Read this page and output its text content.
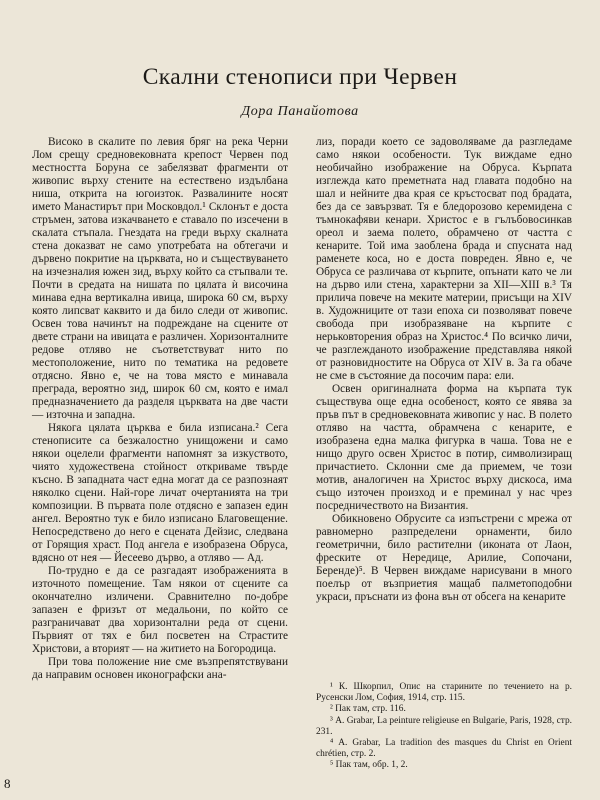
Скални стенописи при Червен
Дора Панайотова

Високо в скалите по левия бряг на река Черни Лом срещу средновековната крепост Червен под местността Боруна се забелязват фрагменти от живопис върху стените на естествено издълбана ниша, открита на югоизток. Развалините носят името Манастирът при Московдол.¹ Склонът е доста стръмен, затова изкачването е ставало по изсечени в скалата стъпала. Гнездата на греди върху скалната стена доказват не само употребата на обтегачи и дървено покритие на църквата, но и съществуването на изчезналия южен зид, върху който са стъпвали те. Почти в средата на нишата по цялата ѝ височина минава една вертикална ивица, широка 60 см, върху която липсват каквито и да било следи от живопис. Освен това начинът на подреждане на сцените от двете страни на ивицата е различен. Хоризонталните редове отляво не съответствуват нито по местоположение, нито по тематика на редовете отдясно. Явно е, че на това място е минавала преграда, вероятно зид, широк 60 см, която е имал предназначението да разделя църквата на две части — източна и западна.

Някога цялата църква е била изписана.² Сега стенописите са безжалостно унищожени и само някои оцелели фрагменти напомнят за изкуството, чиято художествена стойност откриваме твърде късно. В западната част една могат да се разпознаят няколко сцени. Най-горе личат очертанията на три композиции. В първата поле отдясно е запазен един ангел. Вероятно тук е било изписано Благовещение. Непосредствено до него е сцената Дейзис, следвана от Горящия храст. Под ангела е изобразена Обруса, вдясно от нея — Йесеево дърво, а отляво — Ад.

По-трудно е да се разгадаят изображенията в източното помещение. Там някои от сцените са окончателно изличени. Сравнително по-добре запазен е фризът от медальони, по който се разграничават два хоризонтални реда от сцени. Първият от тях е бил посветен на Страстите Христови, а вторият — на житието на Богородица.

При това положение ние сме възпрепятствувани да направим основен иконографски ана-

лиз, поради което се задоволяваме да разгледаме само някои особености. Тук виждаме едно необичайно изображение на Обруса. Кърпата изглежда като преметната над главата подобно на шал и нейните два края се кръстосват под брадата, без да се завързват. Тя е бледорозово керемидена с тъмнокафяви кенари. Христос е в гълъбовосинкав ореол и заема полето, обрамчено от частта с кенарите. Той има заоблена брада и спусната над раменете коса, но е доста повреден. Явно е, че Обруса се различава от кърпите, опънати като че ли на дърво или стена, характерни за XII—XIII в.³ Тя прилича повече на меките материи, присъщи на XIV в. Художниците от тази епоха си позволяват повече свобода при изобразяване на кърпите с нерьковторения образ на Христос.⁴ По всичко личи, че разглежданото изображение представлява някой от разновидностите на Обруса от XIV в. За га обаче не сме в състояние да посочим пара: ели.

Освен оригиналната форма на кърпата тук съществува още една особеност, която се явява за пръв път в средновековната живопис у нас. В полето отляво на частта, обрамчена с кенарите, е изобразена една малка фигурка в чаша. Това не е нищо друго освен Христос в потир, символизиращ причастието. Склонни сме да приемем, че този мотив, аналогичен на Христос върху дискоса, има също източен произход и е преминал у нас чрез посредничеството на Византия.

Обикновено Обрусите са изпъстрени с мрежа от равномерно разпределени орнаменти, било геометрични, било растителни (иконата от Лаон, фреските от Нередице, Арилие, Сопочани, Беренде)⁵. В Червен виждаме нарисувани в много поелър от възприетия мащаб палметоподобни украси, пръснати из фона вън от обсега на кенарите

¹ К. Шкорпил, Опис на старините по течението на р. Русенски Лом, София, 1914, стр. 115.
² Пак там, стр. 116.
³ А. Grabar, La peinture religieuse en Bulgarie, Paris, 1928, стр. 231.
⁴ А. Grabar, La tradition des masques du Christ en Orient chrétien, стр. 2.
⁵ Пак там, обр. 1, 2.
8
